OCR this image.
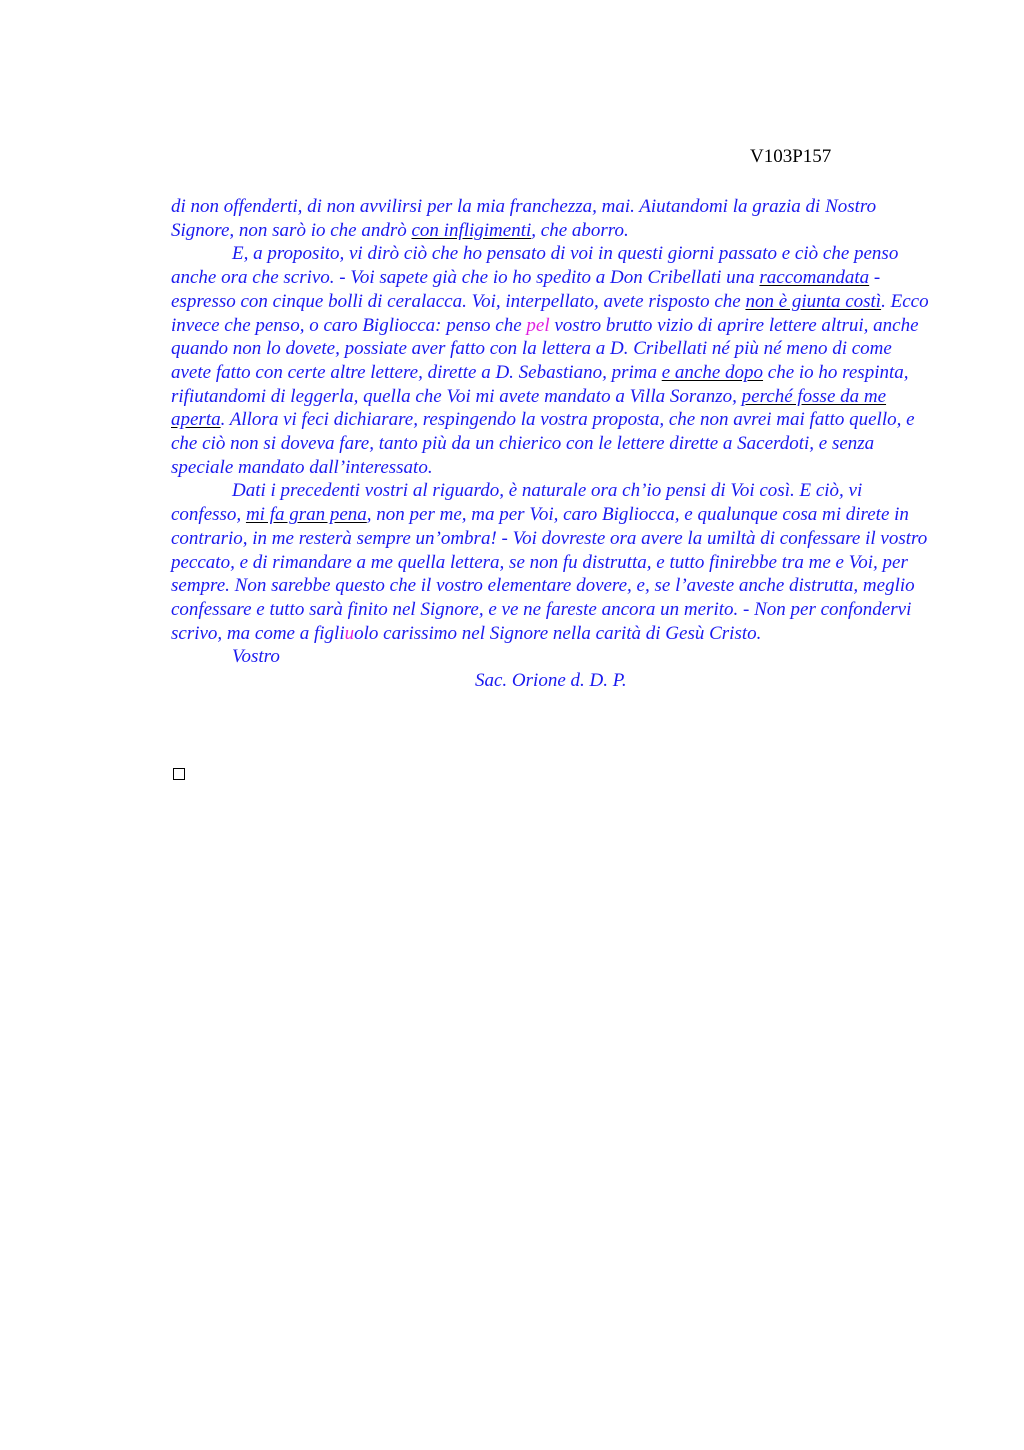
V103P157

di non offenderti, di non avvilirsi per la mia franchezza, mai. Aiutandomi la grazia di Nostro Signore, non sarò io che andrò con infligimenti, che aborro.

E, a proposito, vi dirò ciò che ho pensato di voi in questi giorni passato e ciò che penso anche ora che scrivo. - Voi sapete già che io ho spedito a Don Cribellati una raccomandata - espresso con cinque bolli di ceralacca. Voi, interpellato, avete risposto che non è giunta costì. Ecco invece che penso, o caro Bigliocca: penso che pel vostro brutto vizio di aprire lettere altrui, anche quando non lo dovete, possiate aver fatto con la lettera a D. Cribellati né più né meno di come avete fatto con certe altre lettere, dirette a D. Sebastiano, prima e anche dopo che io ho respinta, rifiutandomi di leggerla, quella che Voi mi avete mandato a Villa Soranzo, perché fosse da me aperta. Allora vi feci dichiarare, respingendo la vostra proposta, che non avrei mai fatto quello, e che ciò non si doveva fare, tanto più da un chierico con le lettere dirette a Sacerdoti, e senza speciale mandato dall’interessato.

Dati i precedenti vostri al riguardo, è naturale ora ch’io pensi di Voi così. E ciò, vi confesso, mi fa gran pena, non per me, ma per Voi, caro Bigliocca, e qualunque cosa mi direte in contrario, in me resterà sempre un’ombra! - Voi dovreste ora avere la umiltà di confessare il vostro peccato, e di rimandare a me quella lettera, se non fu distrutta, e tutto finirebbe tra me e Voi, per sempre. Non sarebbe questo che il vostro elementare dovere, e, se l’aveste anche distrutta, meglio confessare e tutto sarà finito nel Signore, e ve ne fareste ancora un merito. - Non per confondervi scrivo, ma come a figliuolo carissimo nel Signore nella carità di Gesù Cristo.

Vostro

Sac. Orione d. D. P.
